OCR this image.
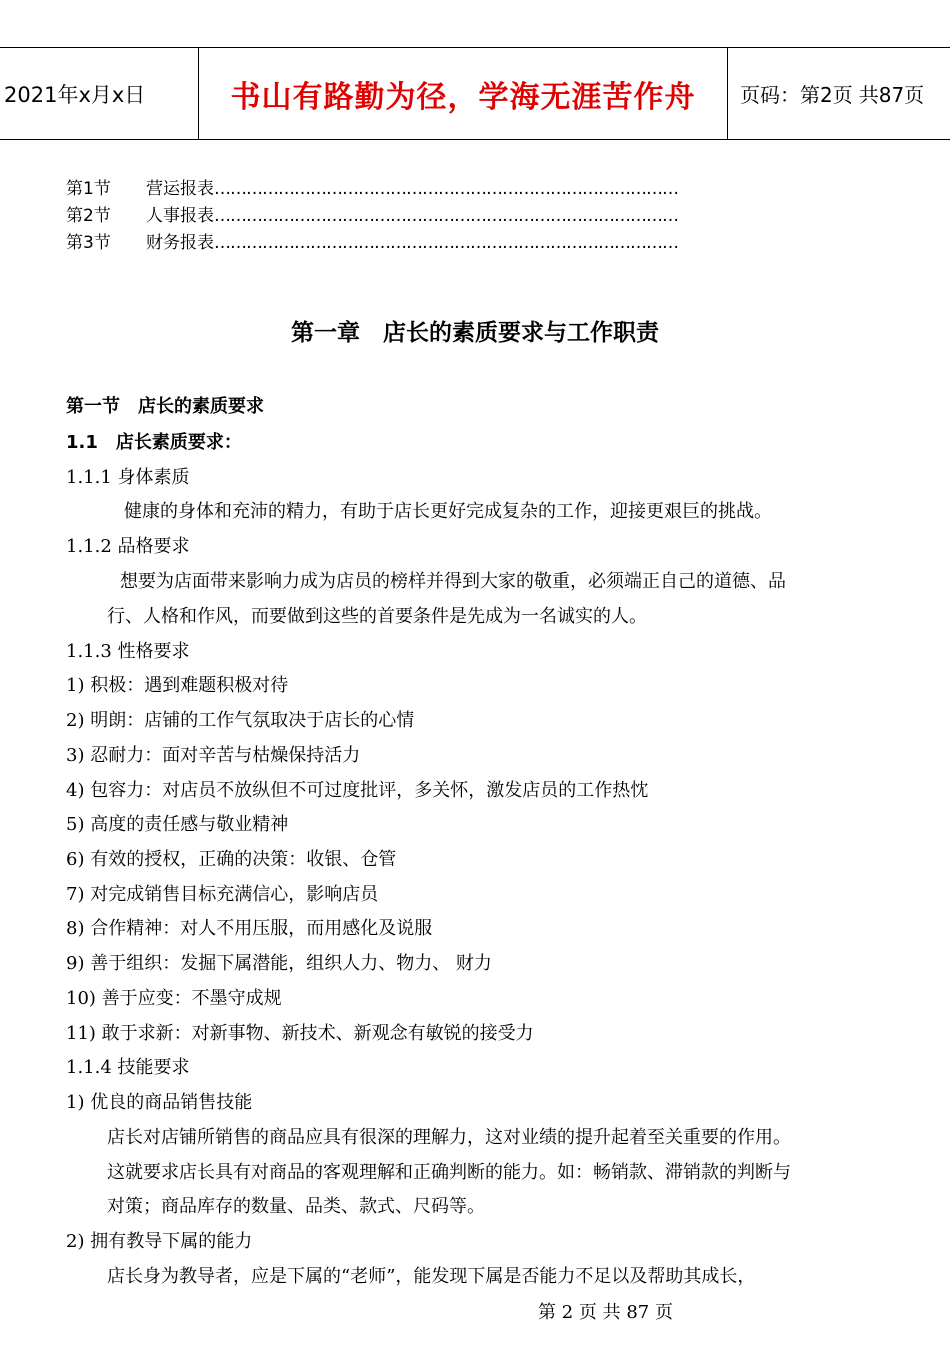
2021年x月x日	书山有路勤为径，学海无涯苦作舟	页码：第2页 共87页
第1节 营运报表……………………………………………………………………………
第2节 人事报表……………………………………………………………………………
第3节 财务报表……………………………………………………………………………
第一章　店长的素质要求与工作职责
第一节　店长的素质要求
1.1　店长素质要求：
1.1.1 身体素质
健康的身体和充沛的精力，有助于店长更好完成复杂的工作，迎接更艰巨的挑战。
1.1.2 品格要求
想要为店面带来影响力成为店员的榜样并得到大家的敬重，必须端正自己的道德、品
行、人格和作风，而要做到这些的首要条件是先成为一名诚实的人。
1.1.3 性格要求
1) 积极：遇到难题积极对待
2) 明朗：店铺的工作气氛取决于店长的心情
3) 忍耐力：面对辛苦与枯燥保持活力
4) 包容力：对店员不放纵但不可过度批评，多关怀，激发店员的工作热忱
5) 高度的责任感与敬业精神
6) 有效的授权，正确的决策：收银、仓管
7) 对完成销售目标充满信心，影响店员
8) 合作精神：对人不用压服，而用感化及说服
9) 善于组织：发掘下属潜能，组织人力、物力、 财力
10) 善于应变：不墨守成规
11) 敢于求新：对新事物、新技术、新观念有敏锐的接受力
1.1.4 技能要求
1) 优良的商品销售技能
店长对店铺所销售的商品应具有很深的理解力，这对业绩的提升起着至关重要的作用。
这就要求店长具有对商品的客观理解和正确判断的能力。如：畅销款、滞销款的判断与
对策；商品库存的数量、品类、款式、尺码等。
2) 拥有教导下属的能力
店长身为教导者，应是下属的“老师”，能发现下属是否能力不足以及帮助其成长，
第 2 页 共 87 页
